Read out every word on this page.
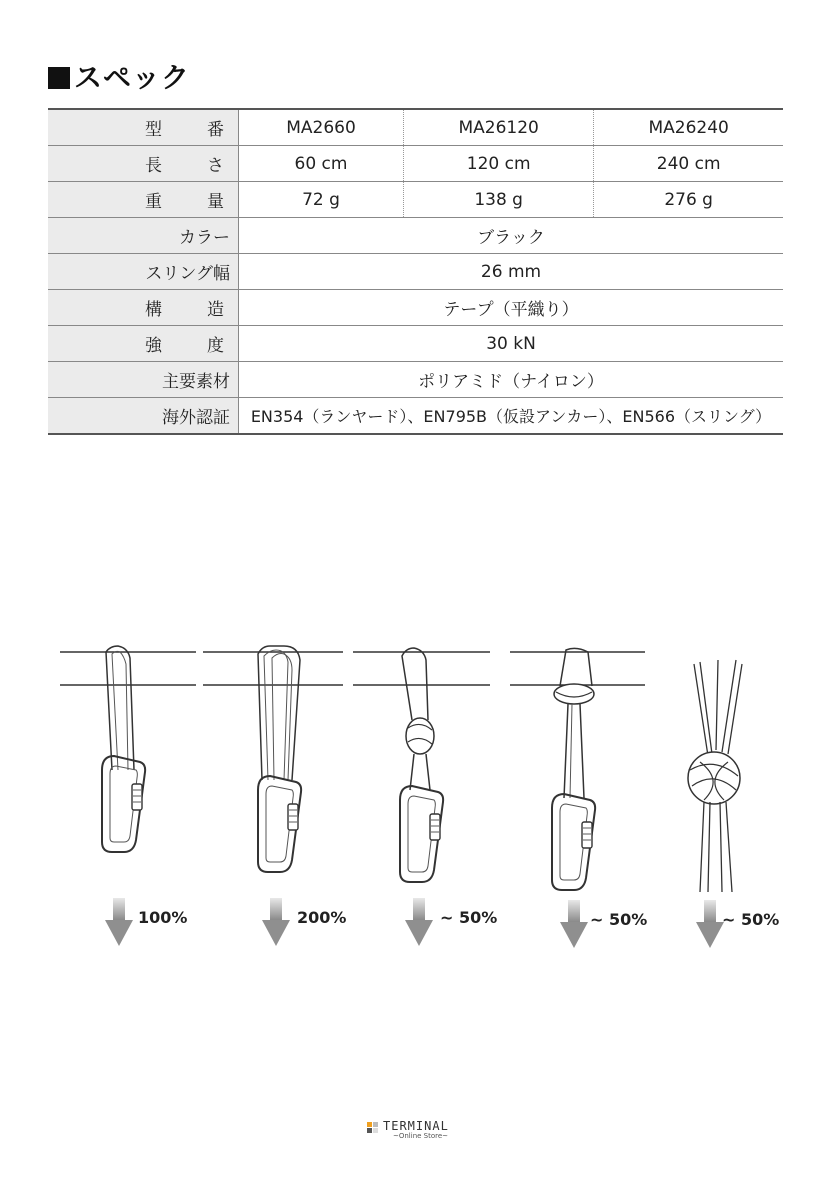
スペック
型　番	MA2660	MA26120	MA26240
長　さ	60 cm	120 cm	240 cm
重　量	72 g	138 g	276 g
カラー	ブラック		
スリング幅	26 mm		
構　造	テープ（平織り）		
強　度	30 kN		
主要素材	ポリアミド（ナイロン）		
海外認証	EN354（ランヤード）、EN795B（仮設アンカー）、EN566（スリング）		
100%	200%	~ 50%	~ 50%	~ 50%
TERMINAL
~Online Store~
